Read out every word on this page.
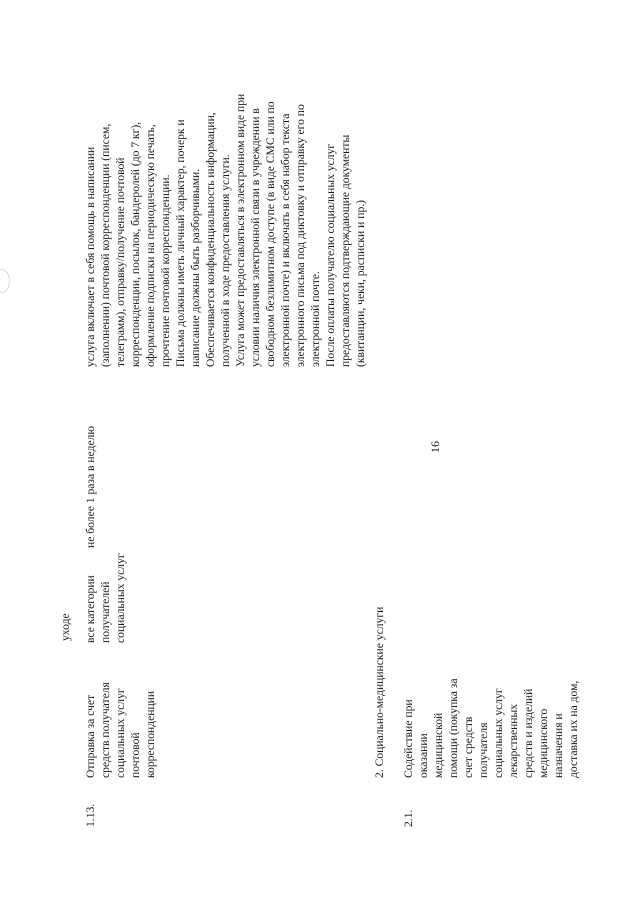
16
уходе
1.13.
Отправка за счет средств получателя социальных услуг почтовой корреспонденции
все категории получателей социальных услуг
не более 1 раза в неделю
услуга включает в себя помощь в написании (заполнении) почтовой корреспонденции (писем, телеграмм), отправку/получение почтовой корреспонденции, посылок, бандеролей (до 7 кг), оформление подписки на периодическую печать, прочтение почтовой корреспонденции. Письма должны иметь личный характер, почерк и написание должны быть разборчивыми. Обеспечивается конфиденциальность информации, полученной в ходе предоставления услуги. Услуга может предоставляться в электронном виде при условии наличия электронной связи в учреждении в свободном безлимитном доступе (в виде СМС или по электронной почте) и включать в себя набор текста электронного письма под диктовку и отправку его по электронной почте. После оплаты получателю социальных услуг предоставляются подтверждающие документы (квитанции, чеки, расписки и пр.)
2. Социально-медицинские услуги
2.1.
Содействие при оказании медицинской помощи (покупка за счет средств получателя социальных услуг лекарственных средств и изделий медицинского назначения и доставка их на дом,
